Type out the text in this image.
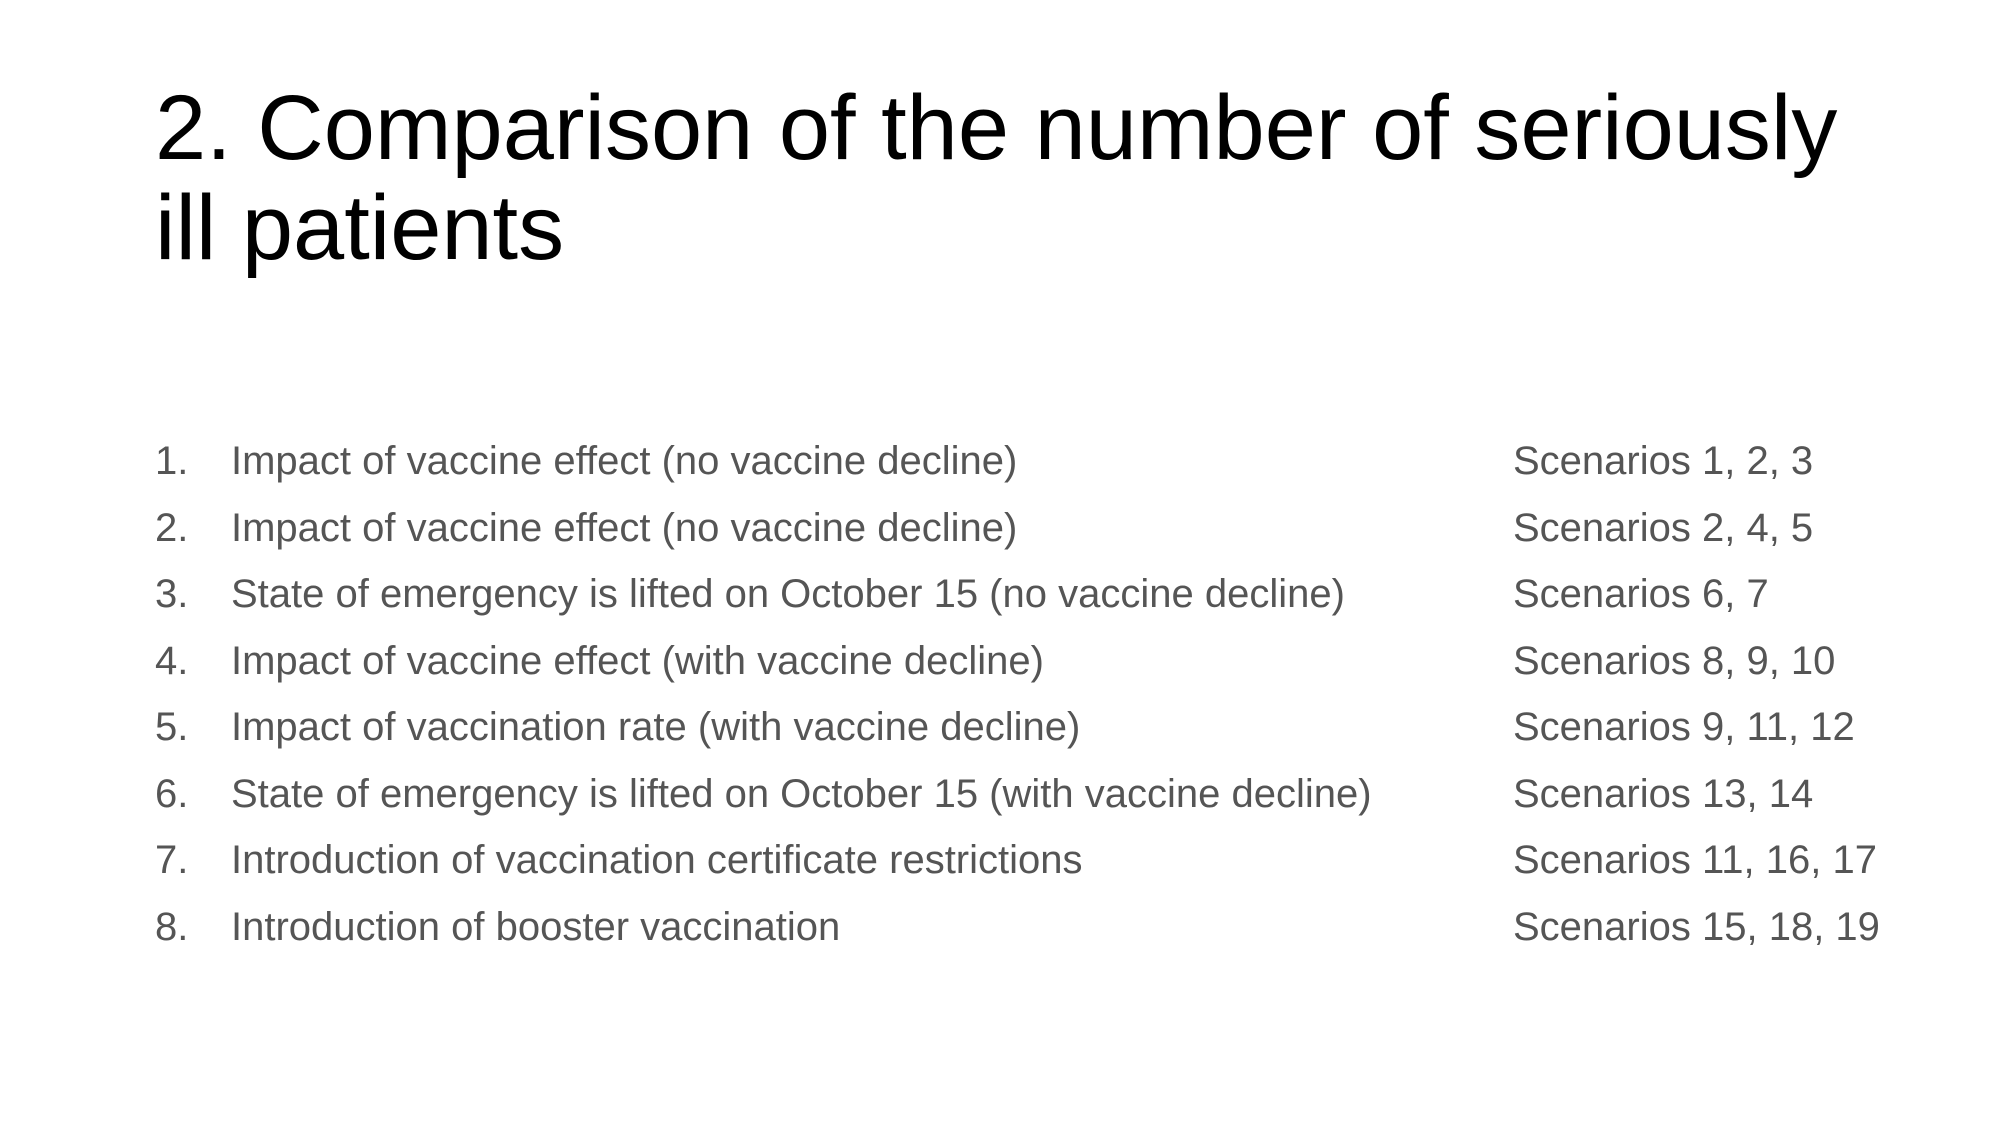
2. Comparison of the number of seriously ill patients
1. Impact of vaccine effect (no vaccine decline)	Scenarios 1, 2, 3
2. Impact of vaccine effect (no vaccine decline)	Scenarios 2, 4, 5
3. State of emergency is lifted on October 15 (no vaccine decline)	Scenarios 6, 7
4. Impact of vaccine effect (with vaccine decline)	Scenarios 8, 9, 10
5. Impact of vaccination rate (with vaccine decline)	Scenarios 9, 11, 12
6. State of emergency is lifted on October 15 (with vaccine decline)	Scenarios 13, 14
7. Introduction of vaccination certificate restrictions	Scenarios 11, 16, 17
8. Introduction of booster vaccination	Scenarios 15, 18, 19
